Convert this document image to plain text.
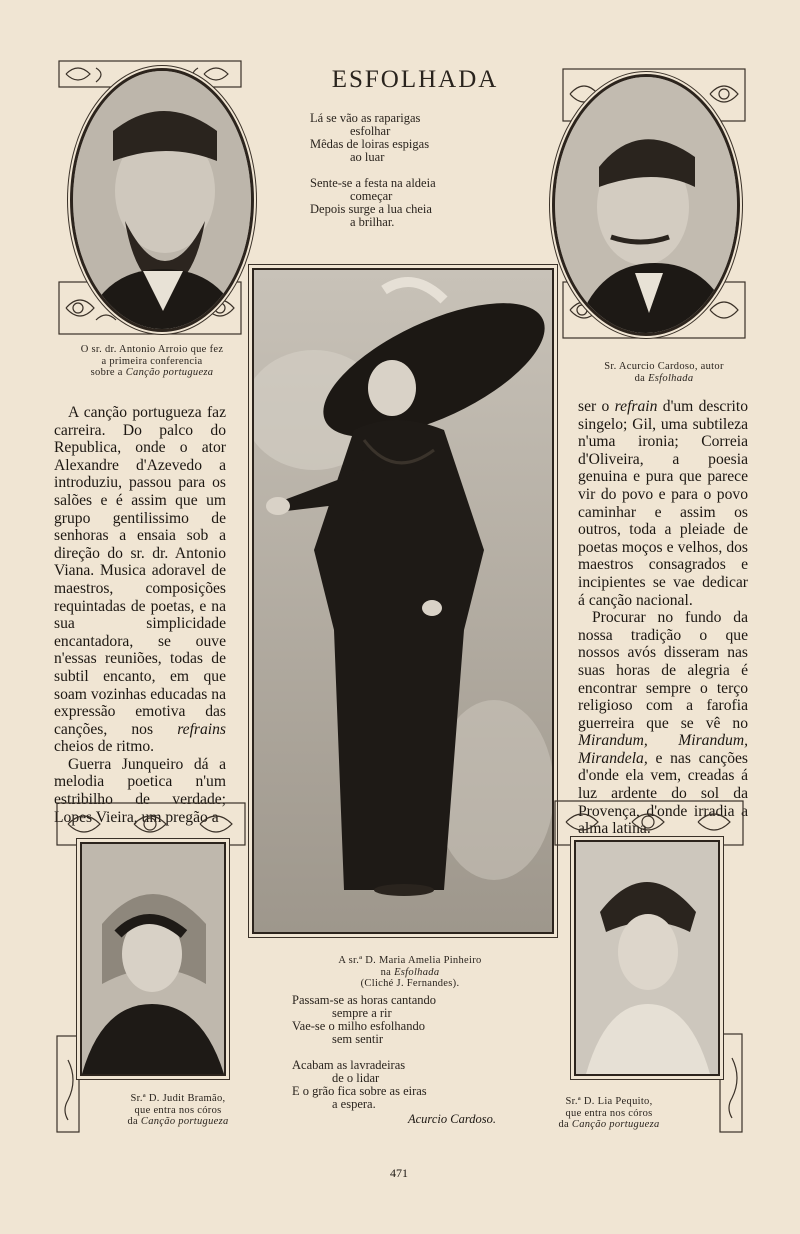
ESFOLHADA

Lá se vão as raparigas

esfolhar

Mêdas de loiras espigas

ao luar

Sente-se a festa na aldeia

começar

Depois surge a lua cheia

a brilhar.

O sr. dr. Antonio Arroio que fez
a primeira conferencia
sobre a Canção portugueza
Sr. Acurcio Cardoso, autor
da Esfolhada
A sr.ª D. Maria Amelia Pinheiro
na Esfolhada
(Cliché J. Fernandes).

A canção portugueza faz carreira. Do palco do Republica, onde o ator Alexandre d'Azevedo a introduziu, passou para os salões e é assim que um grupo gentilissimo de senhoras a ensaia sob a direção do sr. dr. Antonio Viana. Musica adoravel de maestros, composições requintadas de poetas, e na sua simplicidade encantadora, se ouve n'essas reuniões, todas de subtil encanto, em que soam vozinhas educadas na expressão emotiva das canções, nos refrains cheios de ritmo.

Guerra Junqueiro dá a melodia poetica n'um estribilho de verdade; Lopes Vieira, um pregão a

ser o refrain d'um descrito singelo; Gil, uma subtileza n'uma ironia; Correia d'Oliveira, a poesia genuina e pura que parece vir do povo e para o povo caminhar e assim os outros, toda a pleiade de poetas moços e velhos, dos maestros consagrados e incipientes se vae dedicar á canção nacional.

Procurar no fundo da nossa tradição o que nossos avós disseram nas suas horas de alegria é encontrar sempre o terço religioso com a farofia guerreira que se vê no Mirandum, Mirandum, Mirandela, e nas canções d'onde ela vem, creadas á luz ardente do sol da Provença, d'onde irradia a alma latina.

Sr.ª D. Judit Bramão,
que entra nos córos
da Canção portugueza
Sr.ª D. Lia Pequito,
que entra nos córos
da Canção portugueza

Passam-se as horas cantando

sempre a rir

Vae-se o milho esfolhando

sem sentir

Acabam as lavradeiras

de o lidar

E o grão fica sobre as eiras

a espera.

Acurcio Cardoso.
471
